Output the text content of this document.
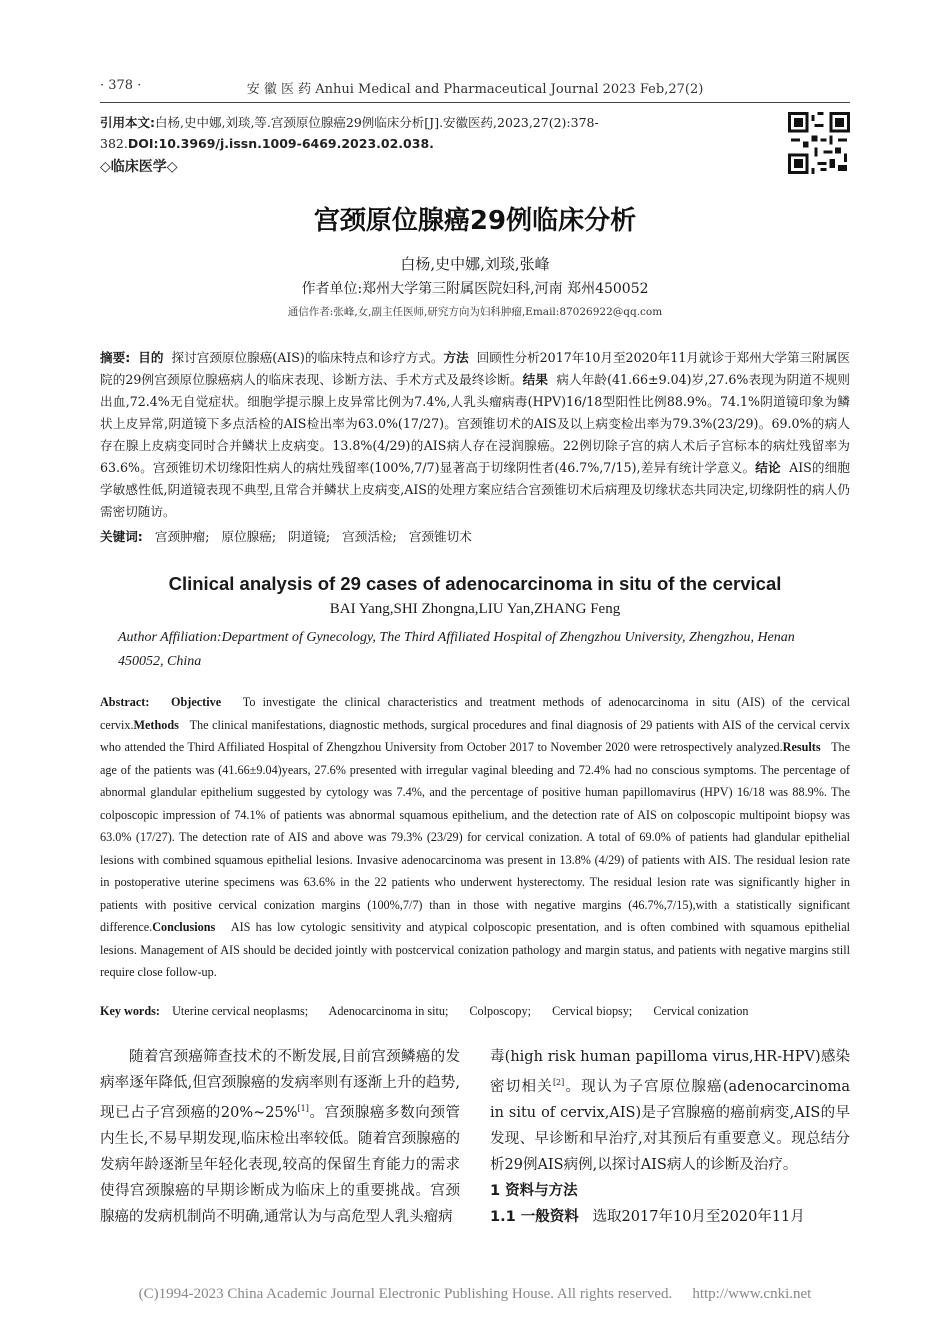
· 378 ·	安 徽 医 药 Anhui Medical and Pharmaceutical Journal 2023 Feb,27(2)
引用本文:白杨,史中娜,刘琰,等.宫颈原位腺癌29例临床分析[J].安徽医药,2023,27(2):378-382.DOI:10.3969/j.issn.1009-6469.2023.02.038.
◇临床医学◇
宫颈原位腺癌29例临床分析
白杨,史中娜,刘琰,张峰
作者单位:郑州大学第三附属医院妇科,河南 郑州450052
通信作者:张峰,女,副主任医师,研究方向为妇科肿瘤,Email:87026922@qq.com
摘要: 目的 探讨宫颈原位腺癌(AIS)的临床特点和诊疗方式。方法 回顾性分析2017年10月至2020年11月就诊于郑州大学第三附属医院的29例宫颈原位腺癌病人的临床表现、诊断方法、手术方式及最终诊断。结果 病人年龄(41.66±9.04)岁,27.6%表现为阴道不规则出血,72.4%无自觉症状。细胞学提示腺上皮异常比例为7.4%,人乳头瘤病毒(HPV)16/18型阳性比例88.9%。74.1%阴道镜印象为鳞状上皮异常,阴道镜下多点活检的AIS检出率为63.0%(17/27)。宫颈锥切术的AIS及以上病变检出率为79.3%(23/29)。69.0%的病人存在腺上皮病变同时合并鳞状上皮病变。13.8%(4/29)的AIS病人存在浸润腺癌。22例切除子宫的病人术后子宫标本的病灶残留率为63.6%。宫颈锥切术切缘阳性病人的病灶残留率(100%,7/7)显著高于切缘阴性者(46.7%,7/15),差异有统计学意义。结论 AIS的细胞学敏感性低,阴道镜表现不典型,且常合并鳞状上皮病变,AIS的处理方案应结合宫颈锥切术后病理及切缘状态共同决定,切缘阴性的病人仍需密切随访。
关键词: 宫颈肿瘤; 原位腺癌; 阴道镜; 宫颈活检; 宫颈锥切术
Clinical analysis of 29 cases of adenocarcinoma in situ of the cervical
BAI Yang,SHI Zhongna,LIU Yan,ZHANG Feng
Author Affiliation:Department of Gynecology, The Third Affiliated Hospital of Zhengzhou University, Zhengzhou, Henan 450052, China
Abstract: Objective To investigate the clinical characteristics and treatment methods of adenocarcinoma in situ (AIS) of the cervical cervix.Methods The clinical manifestations, diagnostic methods, surgical procedures and final diagnosis of 29 patients with AIS of the cervical cervix who attended the Third Affiliated Hospital of Zhengzhou University from October 2017 to November 2020 were retrospectively analyzed.Results The age of the patients was (41.66±9.04)years, 27.6% presented with irregular vaginal bleeding and 72.4% had no conscious symptoms. The percentage of abnormal glandular epithelium suggested by cytology was 7.4%, and the percentage of positive human papillomavirus (HPV) 16/18 was 88.9%. The colposcopic impression of 74.1% of patients was abnormal squamous epithelium, and the detection rate of AIS on colposcopic multipoint biopsy was 63.0% (17/27). The detection rate of AIS and above was 79.3% (23/29) for cervical conization. A total of 69.0% of patients had glandular epithelial lesions with combined squamous epithelial lesions. Invasive adenocarcinoma was present in 13.8% (4/29) of patients with AIS. The residual lesion rate in postoperative uterine specimens was 63.6% in the 22 patients who underwent hysterectomy. The residual lesion rate was significantly higher in patients with positive cervical conization margins (100%,7/7) than in those with negative margins (46.7%,7/15),with a statistically significant difference.Conclusions AIS has low cytologic sensitivity and atypical colposcopic presentation, and is often combined with squamous epithelial lesions. Management of AIS should be decided jointly with postcervical conization pathology and margin status, and patients with negative margins still require close follow-up.
Key words: Uterine cervical neoplasms; Adenocarcinoma in situ; Colposcopy; Cervical biopsy; Cervical conization

随着宫颈癌筛查技术的不断发展,目前宫颈鳞癌的发病率逐年降低,但宫颈腺癌的发病率则有逐渐上升的趋势,现已占子宫颈癌的20%~25%[1]。宫颈腺癌多数向颈管内生长,不易早期发现,临床检出率较低。随着宫颈腺癌的发病年龄逐渐呈年轻化表现,较高的保留生育能力的需求使得宫颈腺癌的早期诊断成为临床上的重要挑战。宫颈腺癌的发病机制尚不明确,通常认为与高危型人乳头瘤病

毒(high risk human papilloma virus,HR-HPV)感染密切相关[2]。现认为子宫原位腺癌(adenocarcinoma in situ of cervix,AIS)是子宫腺癌的癌前病变,AIS的早发现、早诊断和早治疗,对其预后有重要意义。现总结分析29例AIS病例,以探讨AIS病人的诊断及治疗。

1 资料与方法

1.1 一般资料 选取2017年10月至2020年11月

(C)1994-2023 China Academic Journal Electronic Publishing House. All rights reserved. http://www.cnki.net
